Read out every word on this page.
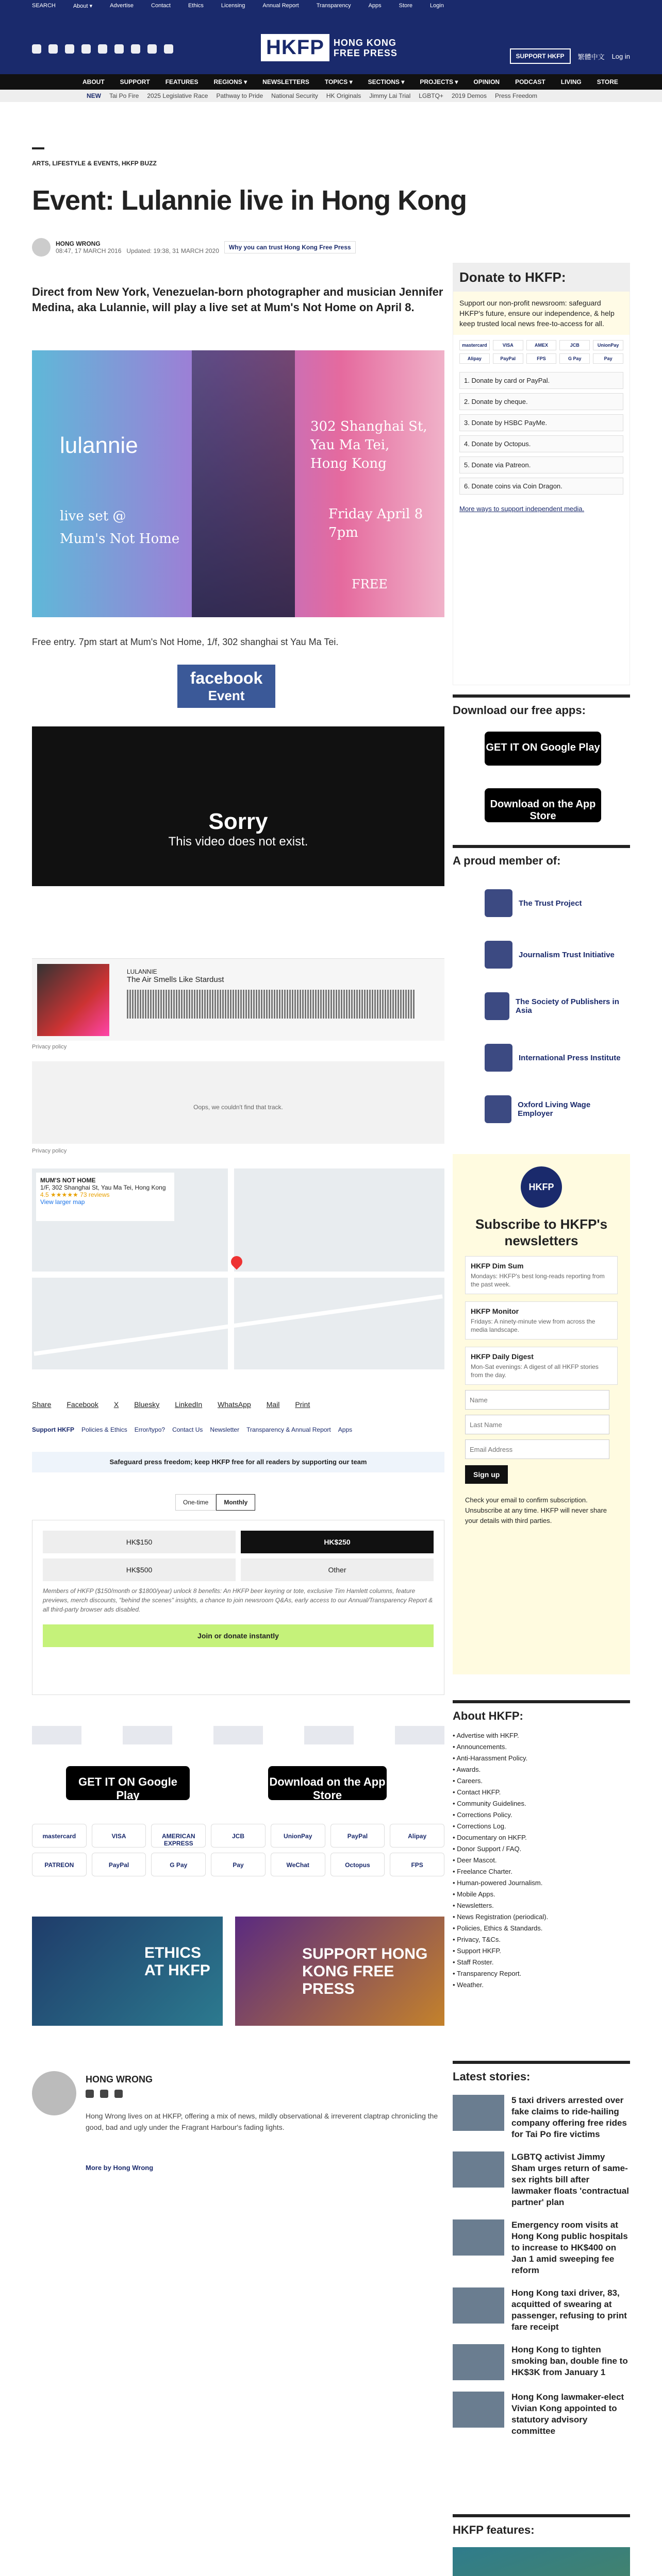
SEARCH	About ▾	Advertise	Contact	Ethics	Licensing	Annual Report	Transparency	Apps	Store	Login
HKFP	HONG KONG
FREE PRESS	SUPPORT HKFP	繁體中文 Log in
ABOUT	SUPPORT	FEATURES	REGIONS ▾	NEWSLETTERS	TOPICS ▾	SECTIONS ▾	PROJECTS ▾	OPINION	PODCAST	LIVING	STORE
NEW Tai Po Fire 2025 Legislative Race Pathway to Pride National Security HK Originals Jimmy Lai Trial LGBTQ+ 2019 Demos Press Freedom
ARTS, LIFESTYLE & EVENTS, HKFP BUZZ
Event: Lulannie live in Hong Kong
HONG WRONG
08:47, 17 MARCH 2016 Updated: 19:38, 31 MARCH 2020	Why you can trust Hong Kong Free Press

Direct from New York, Venezuelan-born photographer and musician Jennifer Medina, aka Lulannie, will play a live set at Mum's Not Home on April 8.

lulannie
live set @
Mum's Not Home
302 Shanghai St,
Yau Ma Tei,
Hong Kong
Friday April 8
7pm
FREE

Free entry. 7pm start at Mum's Not Home, 1/f, 302 shanghai st Yau Ma Tei.

facebook
Event
Sorry
This video does not exist.
LULANNIE
The Air Smells Like Stardust
Privacy policy
Oops, we couldn't find that track.
Privacy policy
MUM'S NOT HOME
1/F, 302 Shanghai St, Yau Ma Tei, Hong Kong
4.5 ★★★★★ 73 reviews
View larger map
Share Facebook X Bluesky LinkedIn WhatsApp Mail Print
Support HKFP Policies & Ethics Error/typo? Contact Us Newsletter Transparency & Annual Report Apps
Safeguard press freedom; keep HKFP free for all readers by supporting our team
One-time	Monthly
HK$150	HK$250
HK$500	Other

Members of HKFP ($150/month or $1800/year) unlock 8 benefits: An HKFP beer keyring or tote, exclusive Tim Hamlett columns, feature previews, merch discounts, "behind the scenes" insights, a chance to join newsroom Q&As, early access to our Annual/Transparency Report & all third-party browser ads disabled.

Join or donate instantly
GET IT ON Google Play
Download on the App Store
mastercard	VISA	AMERICAN EXPRESS
JCB	UnionPay	PayPal	Alipay
PATREON	PayPal	G Pay	Pay	WeChat	Octopus	FPS
ETHICS AT HKFP
SUPPORT HONG KONG FREE PRESS
HONG WRONG
Hong Wrong lives on at HKFP, offering a mix of news, mildly observational & irreverent claptrap chronicling the good, bad and ugly under the Fragrant Harbour's fading lights.
More by Hong Wrong
Donate to HKFP:
Support our non-profit newsroom: safeguard HKFP's future, ensure our independence, & help keep trusted local news free-to-access for all.
mastercard	VISA	AMEX	JCB	UnionPay
Alipay	PayPal	FPS	G Pay	Pay
1. Donate by card or PayPal.
2. Donate by cheque.
3. Donate by HSBC PayMe.
4. Donate by Octopus.
5. Donate via Patreon.
6. Donate coins via Coin Dragon.
More ways to support independent media.
Download our free apps:
GET IT ON Google Play
Download on the App Store
A proud member of:
The Trust Project
Journalism Trust Initiative
The Society of Publishers in Asia
International Press Institute
Oxford Living Wage Employer
HKFP
Subscribe to HKFP's newsletters
HKFP Dim Sum
Mondays: HKFP's best long-reads reporting from the past week.
HKFP Monitor
Fridays: A ninety-minute view from across the media landscape.
HKFP Daily Digest
Mon-Sat evenings: A digest of all HKFP stories from the day.
Name
Last Name
Email Address Sign up
Check your email to confirm subscription. Unsubscribe at any time. HKFP will never share your details with third parties.
About HKFP:
• Advertise with HKFP.
• Announcements.
• Anti-Harassment Policy.
• Awards.
• Careers.
• Contact HKFP.
• Community Guidelines.
• Corrections Policy.
• Corrections Log.
• Documentary on HKFP.
• Donor Support / FAQ.
• Deer Mascot.
• Freelance Charter.
• Human-powered Journalism.
• Mobile Apps.
• Newsletters.
• News Registration (periodical).
• Policies, Ethics & Standards.
• Privacy, T&Cs.
• Support HKFP.
• Staff Roster.
• Transparency Report.
• Weather.
Latest stories:
5 taxi drivers arrested over fake claims to ride-hailing company offering free rides for Tai Po fire victims
LGBTQ activist Jimmy Sham urges return of same-sex rights bill after lawmaker floats 'contractual partner' plan
Emergency room visits at Hong Kong public hospitals to increase to HK$400 on Jan 1 amid sweeping fee reform
Hong Kong taxi driver, 83, acquitted of swearing at passenger, refusing to print fare receipt
Hong Kong to tighten smoking ban, double fine to HK$3K from January 1
Hong Kong lawmaker-elect Vivian Kong appointed to statutory advisory committee
HKFP features:
